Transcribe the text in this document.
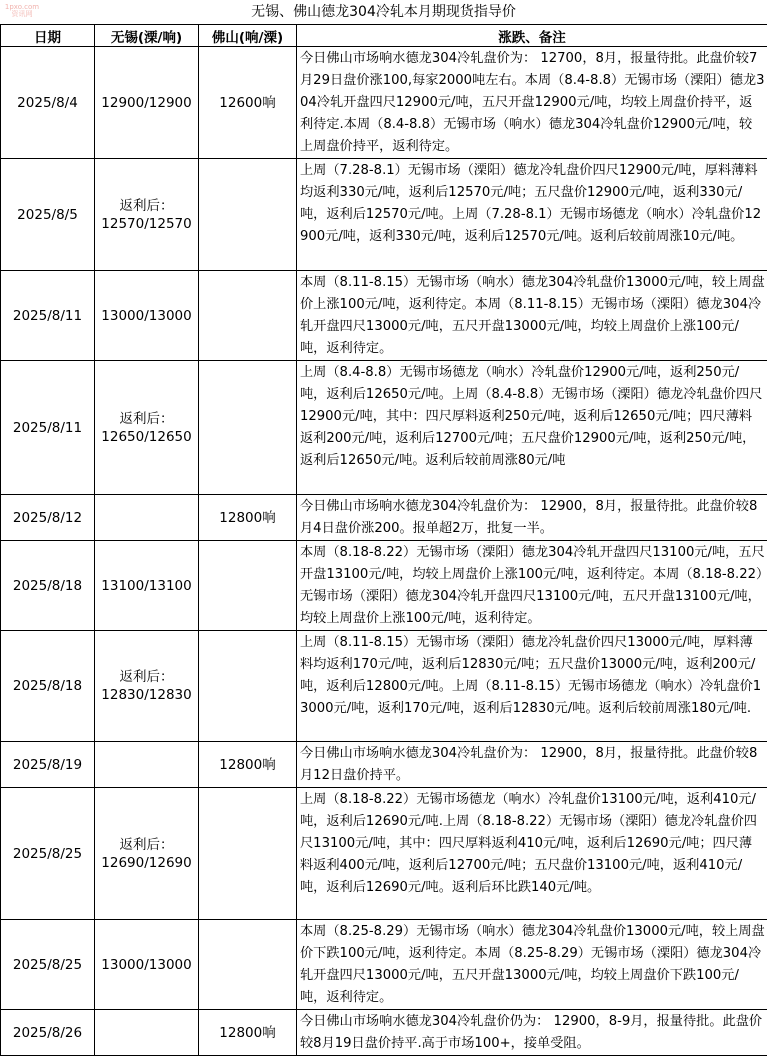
无锡、佛山德龙304冷轧本月期现货指导价
1pxo.com
资讯网
日期	无锡(溧/响)	佛山(响/溧)	涨跌、备注
2025/8/4	12900/12900	12600响	今日佛山市场响水德龙304冷轧盘价为： 12700，8月，报量待批。此盘价较7月29日盘价涨100,每家2000吨左右。本周（8.4-8.8）无锡市场（溧阳）德龙304冷轧开盘四尺12900元/吨，五尺开盘12900元/吨，均较上周盘价持平，返利待定.本周（8.4-8.8）无锡市场（响水）德龙304冷轧盘价12900元/吨，较上周盘价持平，返利待定。
2025/8/5	返利后：12570/12570		上周（7.28-8.1）无锡市场（溧阳）德龙冷轧盘价四尺12900元/吨，厚料薄料均返利330元/吨，返利后12570元/吨；五尺盘价12900元/吨，返利330元/吨，返利后12570元/吨。上周（7.28-8.1）无锡市场德龙（响水）冷轧盘价12900元/吨，返利330元/吨，返利后12570元/吨。返利后较前周涨10元/吨。
2025/8/11	13000/13000		本周（8.11-8.15）无锡市场（响水）德龙304冷轧盘价13000元/吨，较上周盘价上涨100元/吨，返利待定。本周（8.11-8.15）无锡市场（溧阳）德龙304冷轧开盘四尺13000元/吨，五尺开盘13000元/吨，均较上周盘价上涨100元/吨，返利待定。
2025/8/11	返利后：12650/12650		上周（8.4-8.8）无锡市场德龙（响水）冷轧盘价12900元/吨，返利250元/吨，返利后12650元/吨。上周（8.4-8.8）无锡市场（溧阳）德龙冷轧盘价四尺12900元/吨，其中：四尺厚料返利250元/吨，返利后12650元/吨；四尺薄料返利200元/吨，返利后12700元/吨；五尺盘价12900元/吨，返利250元/吨，返利后12650元/吨。返利后较前周涨80元/吨
2025/8/12		12800响	今日佛山市场响水德龙304冷轧盘价为： 12900，8月，报量待批。此盘价较8月4日盘价涨200。报单超2万，批复一半。
2025/8/18	13100/13100		本周（8.18-8.22）无锡市场（溧阳）德龙304冷轧开盘四尺13100元/吨，五尺开盘13100元/吨，均较上周盘价上涨100元/吨，返利待定。本周（8.18-8.22）无锡市场（溧阳）德龙304冷轧开盘四尺13100元/吨，五尺开盘13100元/吨，均较上周盘价上涨100元/吨，返利待定。
2025/8/18	返利后：12830/12830		上周（8.11-8.15）无锡市场（溧阳）德龙冷轧盘价四尺13000元/吨，厚料薄料均返利170元/吨，返利后12830元/吨；五尺盘价13000元/吨，返利200元/吨，返利后12800元/吨。上周（8.11-8.15）无锡市场德龙（响水）冷轧盘价13000元/吨，返利170元/吨，返利后12830元/吨。返利后较前周涨180元/吨.
2025/8/19		12800响	今日佛山市场响水德龙304冷轧盘价为： 12900，8月，报量待批。此盘价较8月12日盘价持平。
2025/8/25	返利后：12690/12690		上周（8.18-8.22）无锡市场德龙（响水）冷轧盘价13100元/吨，返利410元/吨，返利后12690元/吨.上周（8.18-8.22）无锡市场（溧阳）德龙冷轧盘价四尺13100元/吨，其中：四尺厚料返利410元/吨，返利后12690元/吨；四尺薄料返利400元/吨，返利后12700元/吨；五尺盘价13100元/吨，返利410元/吨，返利后12690元/吨。返利后环比跌140元/吨。
2025/8/25	13000/13000		本周（8.25-8.29）无锡市场（响水）德龙304冷轧盘价13000元/吨，较上周盘价下跌100元/吨，返利待定。本周（8.25-8.29）无锡市场（溧阳）德龙304冷轧开盘四尺13000元/吨，五尺开盘13000元/吨，均较上周盘价下跌100元/吨，返利待定。
2025/8/26		12800响	今日佛山市场响水德龙304冷轧盘价仍为： 12900，8-9月，报量待批。此盘价较8月19日盘价持平.高于市场100+，接单受阻。
